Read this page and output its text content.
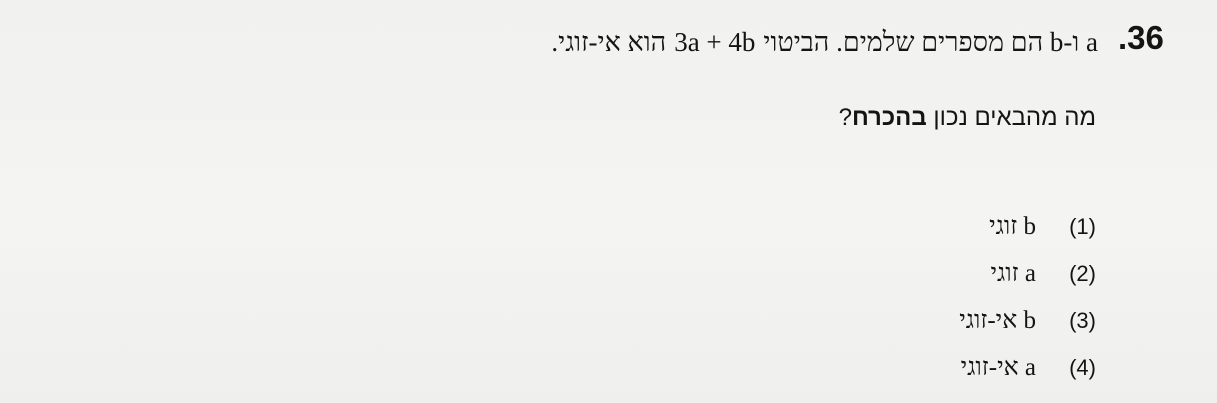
.36
a ו-b הם מספרים שלמים. הביטוי3a + 4bהוא אי-זוגי.
מה מהבאים נכון בהכרח?
(1)
b זוגי
(2)
a זוגי
(3)
b אי-זוגי
(4)
a אי-זוגי
